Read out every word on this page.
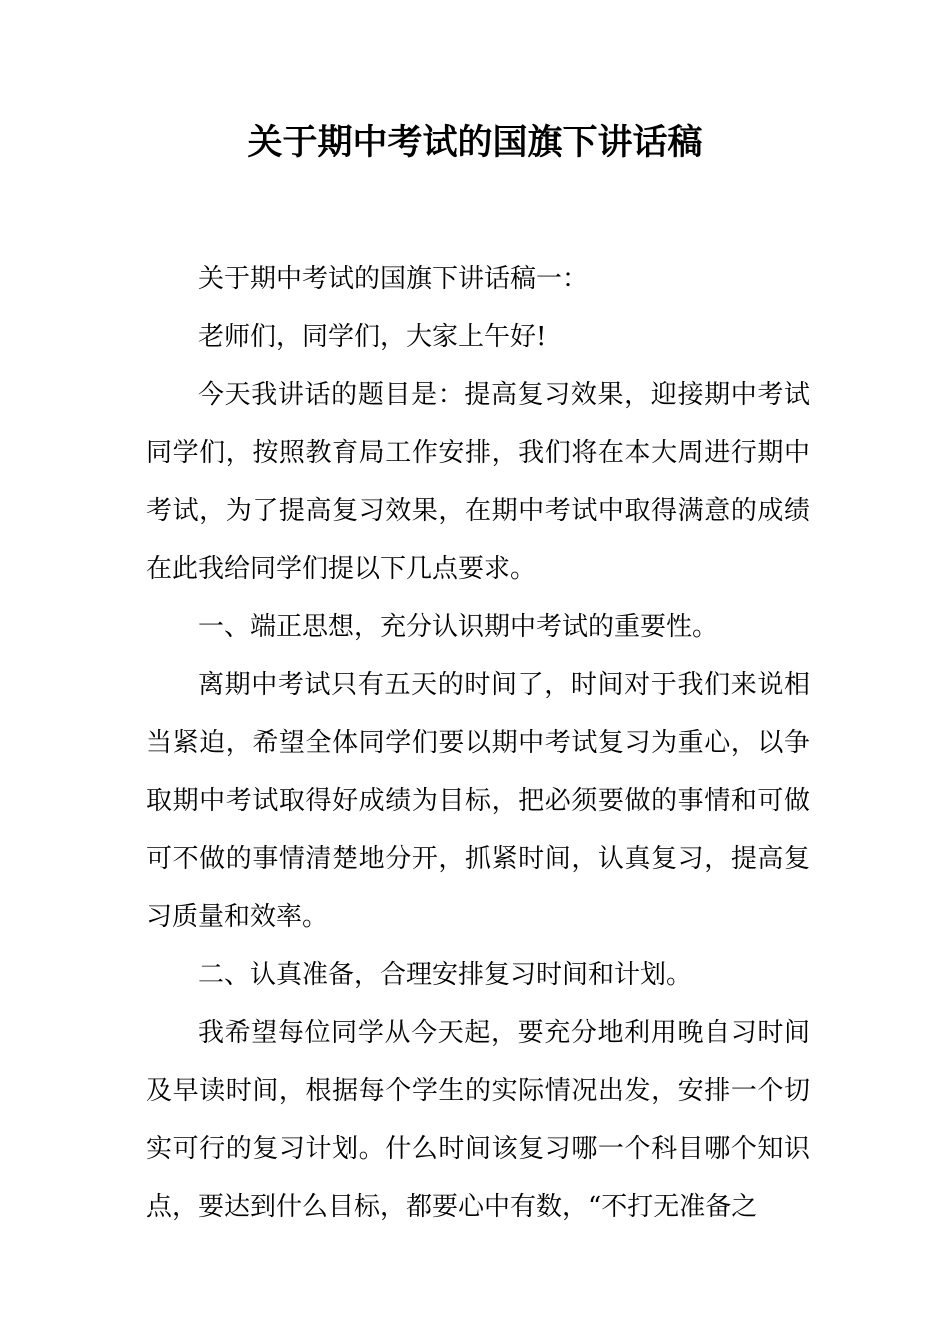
关于期中考试的国旗下讲话稿

关于期中考试的国旗下讲话稿一：

老师们，同学们，大家上午好!

今天我讲话的题目是：提高复习效果，迎接期中考试同学们，按照教育局工作安排，我们将在本大周进行期中考试，为了提高复习效果，在期中考试中取得满意的成绩在此我给同学们提以下几点要求。

一、端正思想，充分认识期中考试的重要性。

离期中考试只有五天的时间了，时间对于我们来说相当紧迫，希望全体同学们要以期中考试复习为重心，以争取期中考试取得好成绩为目标，把必须要做的事情和可做可不做的事情清楚地分开，抓紧时间，认真复习，提高复习质量和效率。

二、认真准备，合理安排复习时间和计划。

我希望每位同学从今天起，要充分地利用晚自习时间及早读时间，根据每个学生的实际情况出发，安排一个切实可行的复习计划。什么时间该复习哪一个科目哪个知识点，要达到什么目标，都要心中有数，“不打无准备之
